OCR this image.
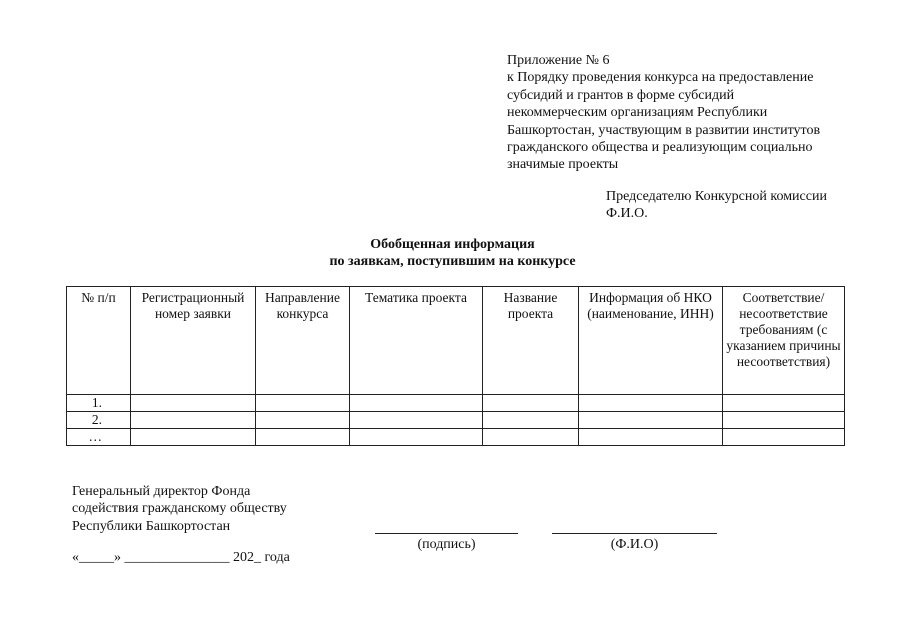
Приложение № 6
к Порядку проведения конкурса на предоставление
субсидий и грантов в форме субсидий
некоммерческим организациям Республики
Башкортостан, участвующим в развитии институтов
гражданского общества и реализующим социально
значимые проекты
Председателю Конкурсной комиссии
Ф.И.О.
Обобщенная информация
по заявкам, поступившим на конкурсе
№ п/п	Регистрационный номер заявки	Направление конкурса	Тематика проекта	Название проекта	Информация об НКО (наименование, ИНН)	Соответствие/ несоответствие требованиям (с указанием причины несоответствия)
1.						
2.						
…						
Генеральный директор Фонда
содействия гражданскому обществу
Республики Башкортостан
(подпись)	(Ф.И.О)
«_____» _______________ 202_ года
